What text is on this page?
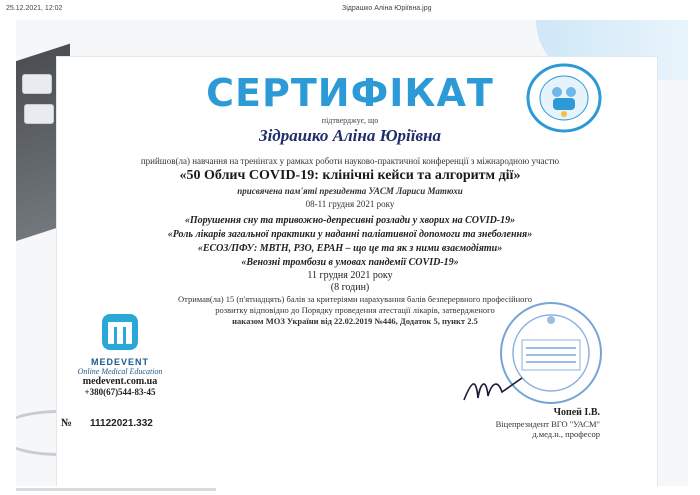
25.12.2021, 12:02	Зідрашко Аліна Юріївна.jpg
СЕРТИФІКАТ
підтверджує, що
Зідрашко Аліна Юріївна
прийшов(ла) навчання на тренінгах у рамках роботи науково-практичної конференції з міжнародною участю
«50 Облич COVID-19: клінічні кейси та алгоритм дії»
присвячена пам'яті президента УАСМ Лариси Матюхи
08-11 грудня 2021 року
«Порушення сну та тривожно-депресивні розлади у хворих на COVID-19»
«Роль лікарів загальної практики у наданні паліативної допомоги та знеболення»
«ЕСОЗ/ПФУ: МВТН, РЗО, ЕРАН – що це та як з ними взаємодіяти»
«Венозні тромбози в умовах пандемії COVID-19»
11 грудня 2021 року
(8 годин)
Отримав(ла) 15 (п'ятнадцять) балів за критеріями нарахування балів безперервного професійного
розвитку відповідно до Порядку проведення атестації лікарів, затвердженого
наказом МОЗ України від 22.02.2019 №446, Додаток 5, пункт 2.5
MEDEVENT
Online Medical Education
medevent.com.ua
+380(67)544-83-45
№ 11122021.332
Чопей І.В.
Віцепрезидент ВГО "УАСМ"
д.мед.н., професор
